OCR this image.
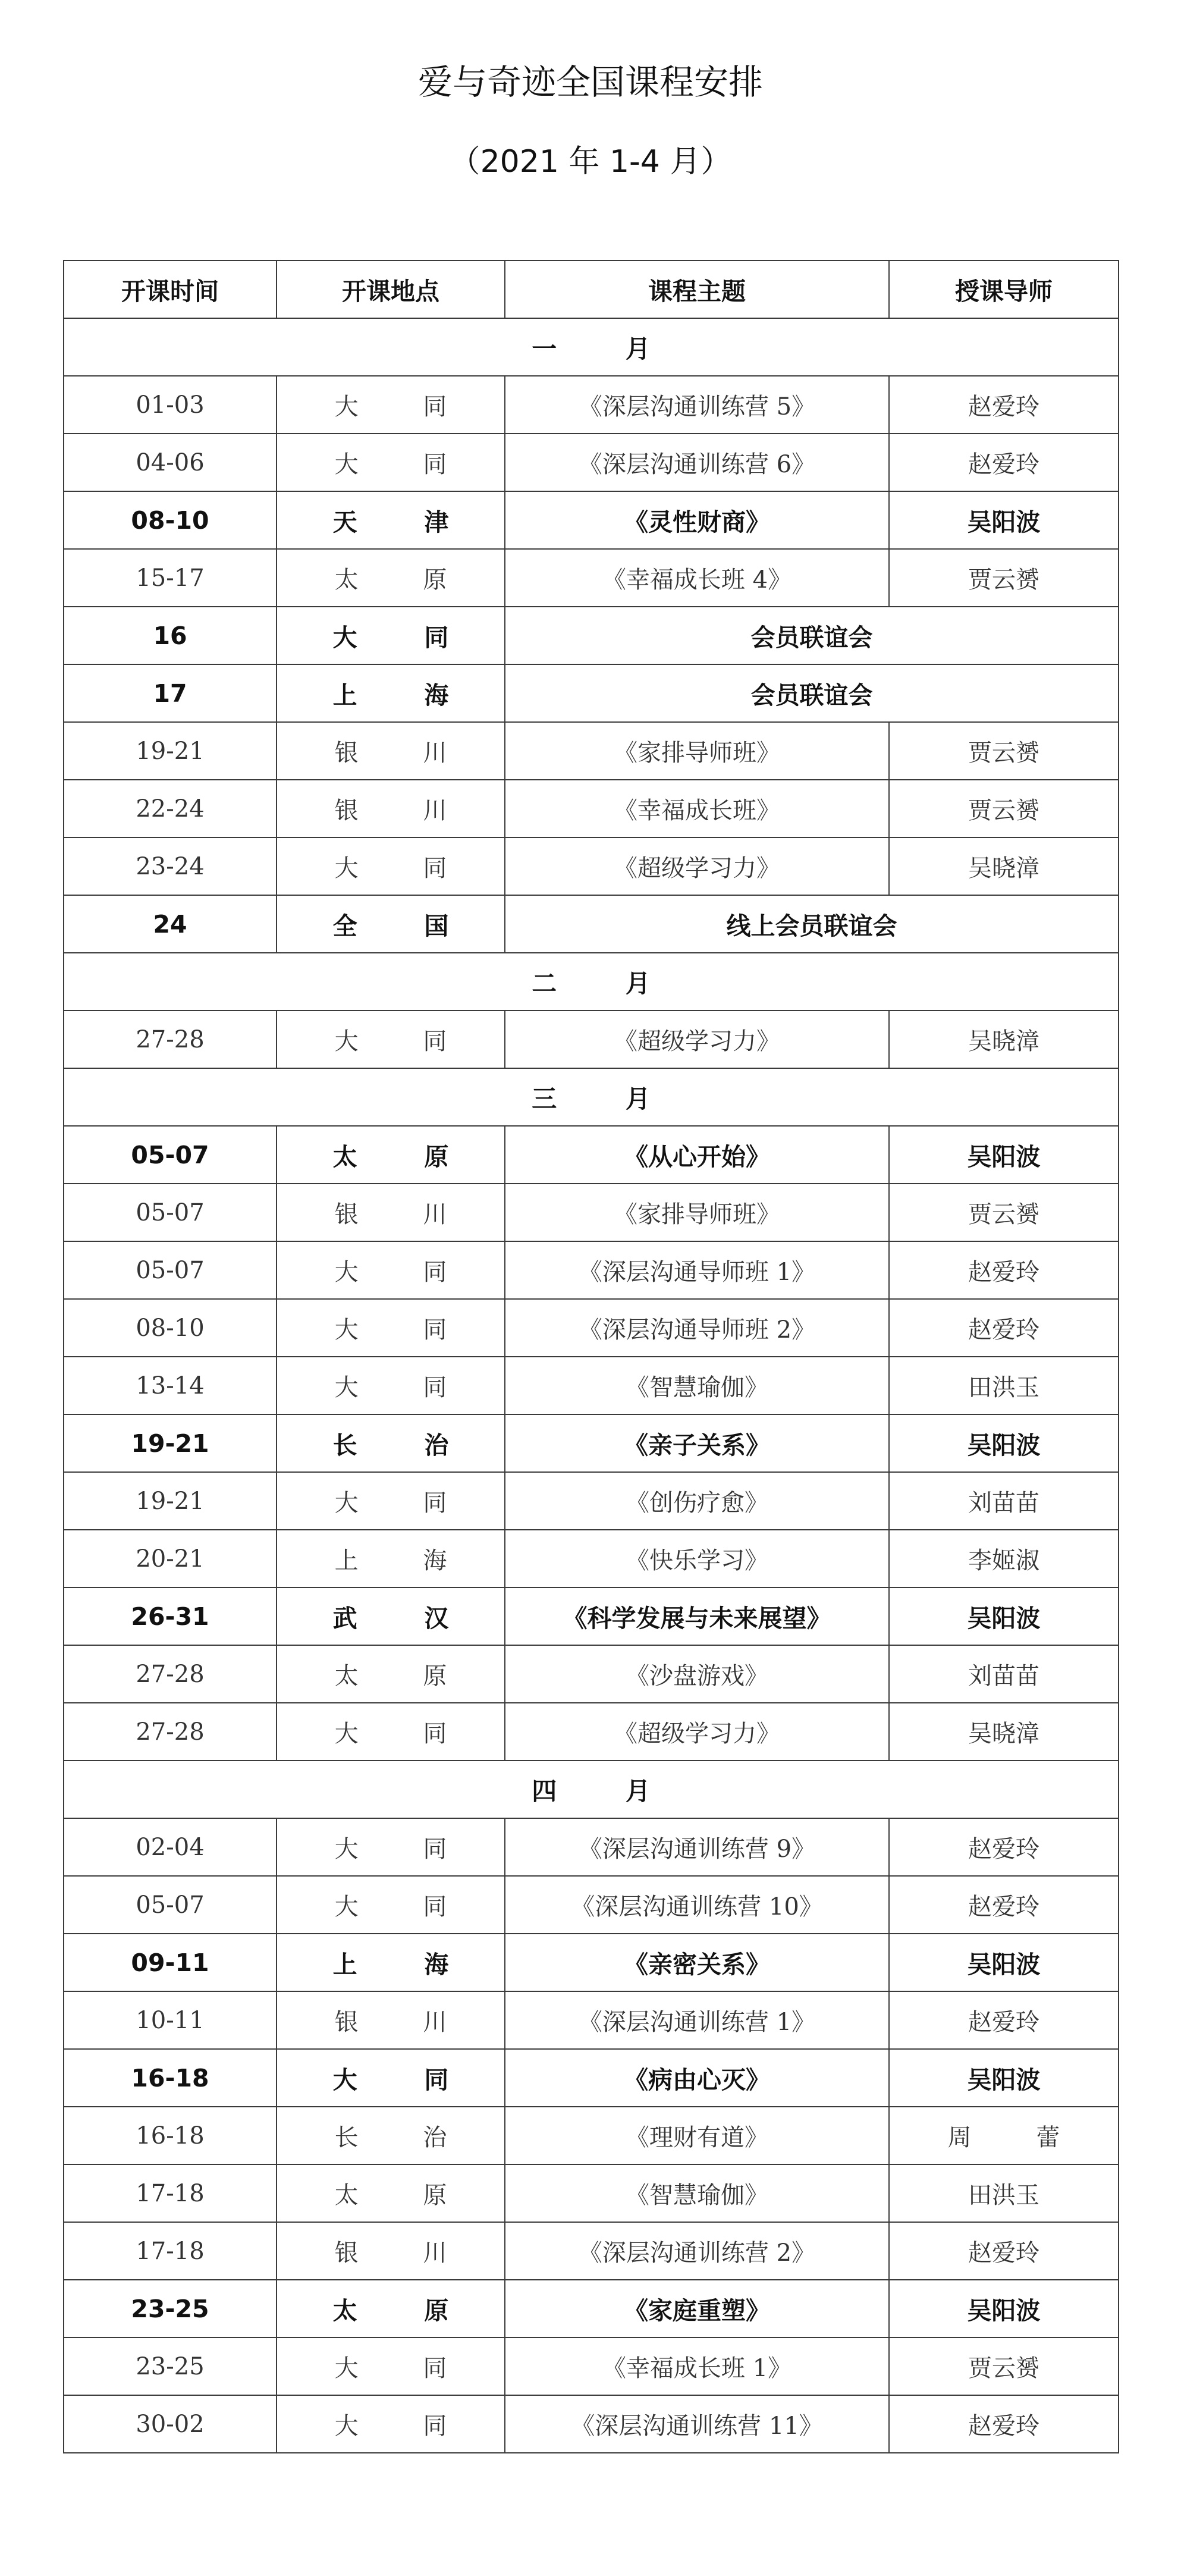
爱与奇迹全国课程安排
（2021 年 1-4 月）
开课时间	开课地点	课程主题	授课导师
一 月			
01-03	大 同	《深层沟通训练营 5》	赵爱玲
04-06	大 同	《深层沟通训练营 6》	赵爱玲
08-10	天 津	《灵性财商》	吴阳波
15-17	太 原	《幸福成长班 4》	贾云赟
16	大 同	会员联谊会	
17	上 海	会员联谊会	
19-21	银 川	《家排导师班》	贾云赟
22-24	银 川	《幸福成长班》	贾云赟
23-24	大 同	《超级学习力》	吴晓漳
24	全 国	线上会员联谊会	
二 月			
27-28	大 同	《超级学习力》	吴晓漳
三 月			
05-07	太 原	《从心开始》	吴阳波
05-07	银 川	《家排导师班》	贾云赟
05-07	大 同	《深层沟通导师班 1》	赵爱玲
08-10	大 同	《深层沟通导师班 2》	赵爱玲
13-14	大 同	《智慧瑜伽》	田洪玉
19-21	长 治	《亲子关系》	吴阳波
19-21	大 同	《创伤疗愈》	刘苗苗
20-21	上 海	《快乐学习》	李姬淑
26-31	武 汉	《科学发展与未来展望》	吴阳波
27-28	太 原	《沙盘游戏》	刘苗苗
27-28	大 同	《超级学习力》	吴晓漳
四 月			
02-04	大 同	《深层沟通训练营 9》	赵爱玲
05-07	大 同	《深层沟通训练营 10》	赵爱玲
09-11	上 海	《亲密关系》	吴阳波
10-11	银 川	《深层沟通训练营 1》	赵爱玲
16-18	大 同	《病由心灭》	吴阳波
16-18	长 治	《理财有道》	周 蕾
17-18	太 原	《智慧瑜伽》	田洪玉
17-18	银 川	《深层沟通训练营 2》	赵爱玲
23-25	太 原	《家庭重塑》	吴阳波
23-25	大 同	《幸福成长班 1》	贾云赟
30-02	大 同	《深层沟通训练营 11》	赵爱玲
